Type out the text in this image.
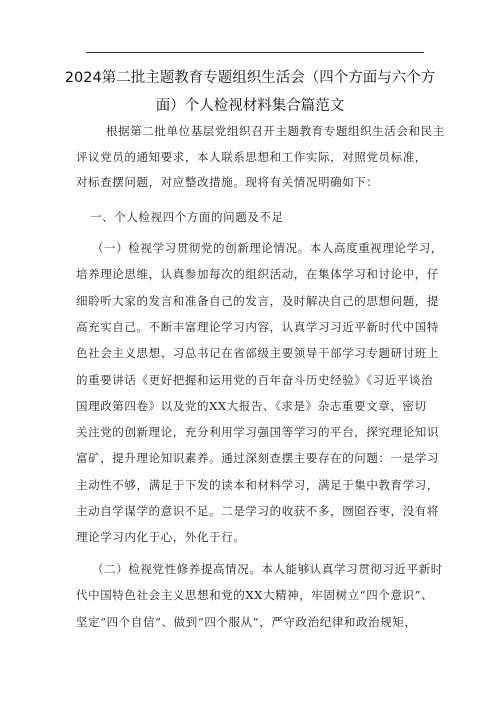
2024第二批主题教育专题组织生活会（四个方面与六个方
面）个人检视材料集合篇范文
根据第二批单位基层党组织召开主题教育专题组织生活会和民主
评议党员的通知要求，本人联系思想和工作实际，对照党员标准，
对标查摆问题，对应整改措施。现将有关情况明确如下：
一、个人检视四个方面的问题及不足
（一）检视学习贯彻党的创新理论情况。本人高度重视理论学习，
培养理论思维，认真参加每次的组织活动，在集体学习和讨论中，仔
细聆听大家的发言和准备自己的发言，及时解决自己的思想问题，提
高充实自己。不断丰富理论学习内容，认真学习习近平新时代中国特
色社会主义思想、习总书记在省部级主要领导干部学习专题研讨班上
的重要讲话《更好把握和运用党的百年奋斗历史经验》《习近平谈治
国理政第四卷》以及党的XX大报告、《求是》杂志重要文章，密切
关注党的创新理论，充分利用学习强国等学习的平台，探究理论知识
富矿，提升理论知识素养。通过深刻查摆主要存在的问题：一是学习
主动性不够，满足于下发的读本和材料学习，满足于集中教育学习，
主动自学谋学的意识不足。二是学习的收获不多，囫囵吞枣，没有将
理论学习内化于心，外化于行。
（二）检视党性修养提高情况。本人能够认真学习贯彻习近平新时
代中国特色社会主义思想和党的XX大精神，牢固树立“四个意识”、
坚定“四个自信”、做到“四个服从”，严守政治纪律和政治规矩，
